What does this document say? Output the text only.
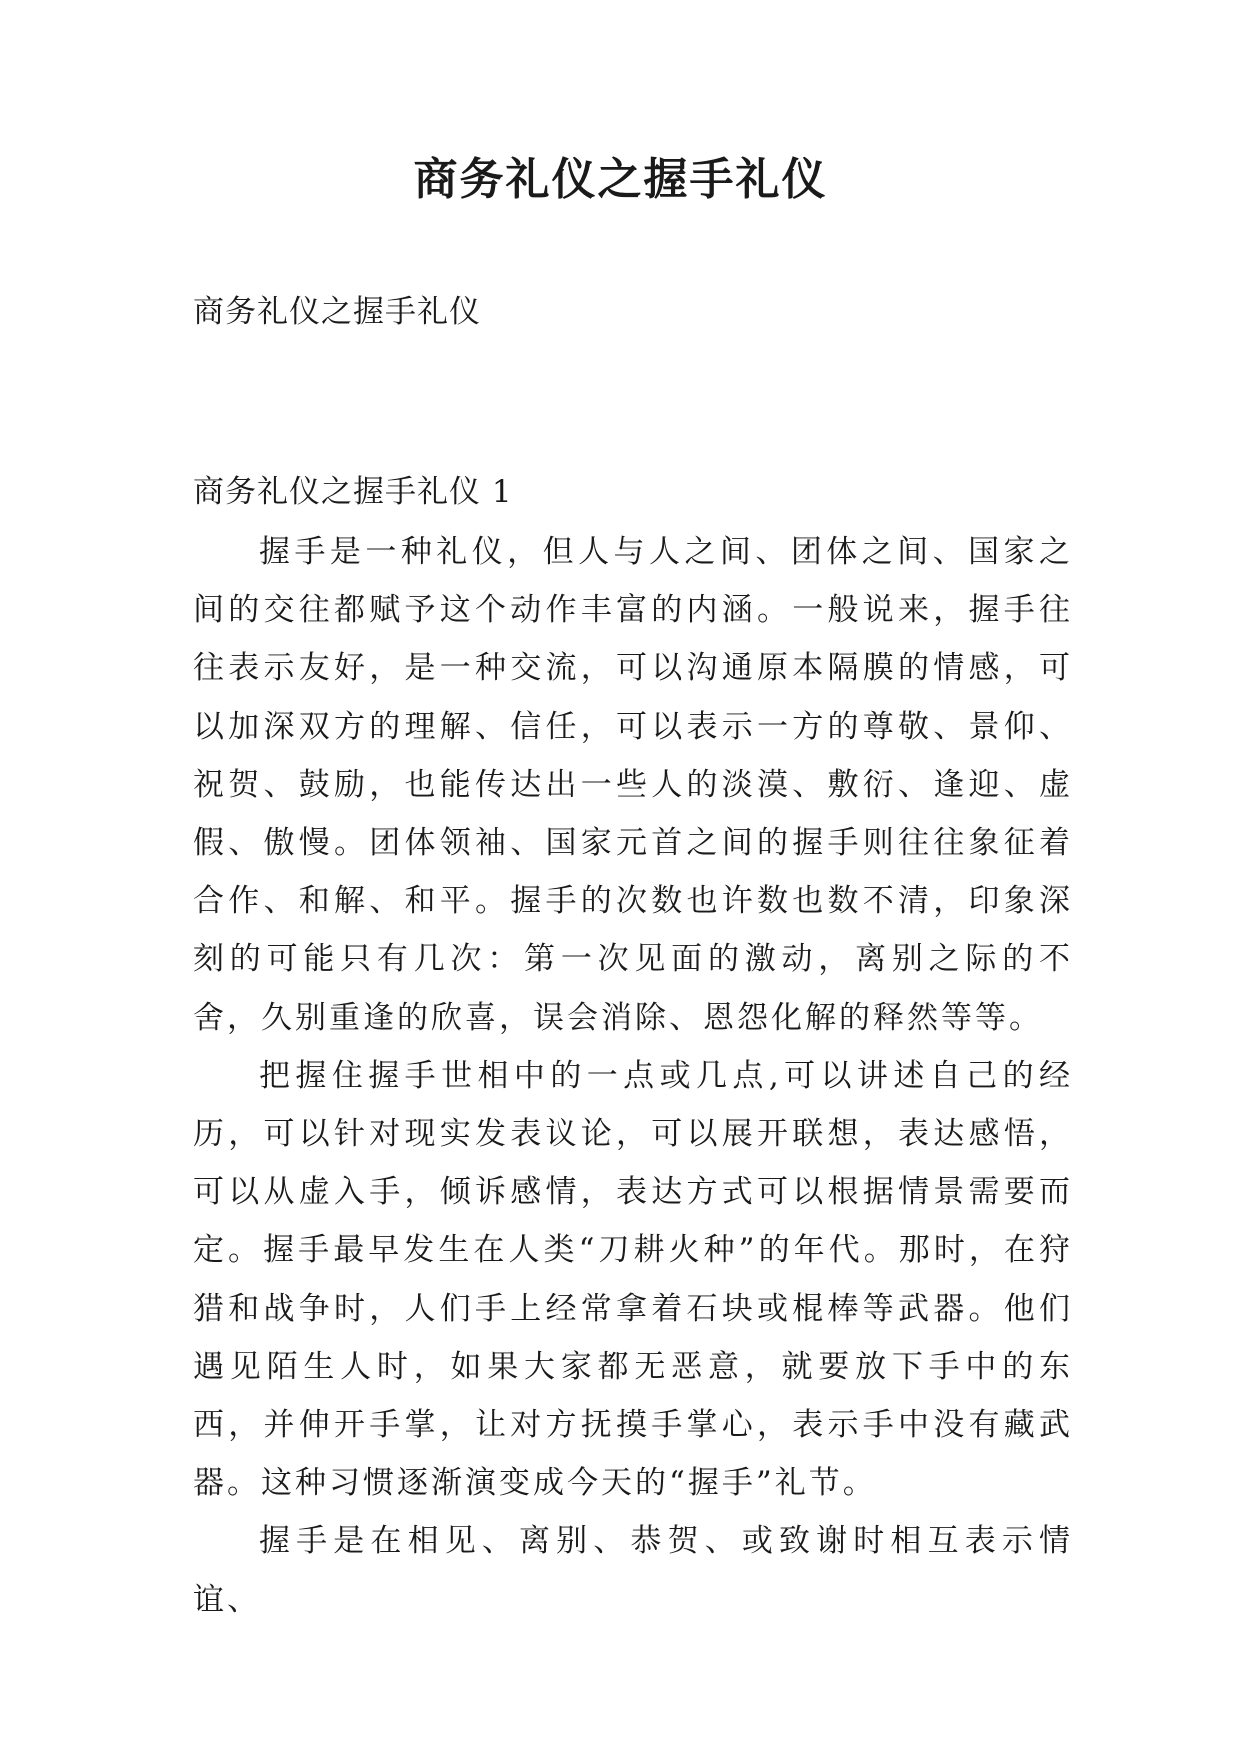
商务礼仪之握手礼仪
商务礼仪之握手礼仪
商务礼仪之握手礼仪 1

握手是一种礼仪，但人与人之间、团体之间、国家之间的交往都赋予这个动作丰富的内涵。一般说来，握手往往表示友好，是一种交流，可以沟通原本隔膜的情感，可以加深双方的理解、信任，可以表示一方的尊敬、景仰、祝贺、鼓励，也能传达出一些人的淡漠、敷衍、逢迎、虚假、傲慢。团体领袖、国家元首之间的握手则往往象征着合作、和解、和平。握手的次数也许数也数不清，印象深刻的可能只有几次：第一次见面的激动，离别之际的不舍，久别重逢的欣喜，误会消除、恩怨化解的释然等等。

把握住握手世相中的一点或几点,可以讲述自己的经历，可以针对现实发表议论，可以展开联想，表达感悟，可以从虚入手，倾诉感情，表达方式可以根据情景需要而定。握手最早发生在人类“刀耕火种”的年代。那时，在狩猎和战争时，人们手上经常拿着石块或棍棒等武器。他们遇见陌生人时，如果大家都无恶意，就要放下手中的东西，并伸开手掌，让对方抚摸手掌心，表示手中没有藏武器。这种习惯逐渐演变成今天的“握手”礼节。

握手是在相见、离别、恭贺、或致谢时相互表示情谊、
